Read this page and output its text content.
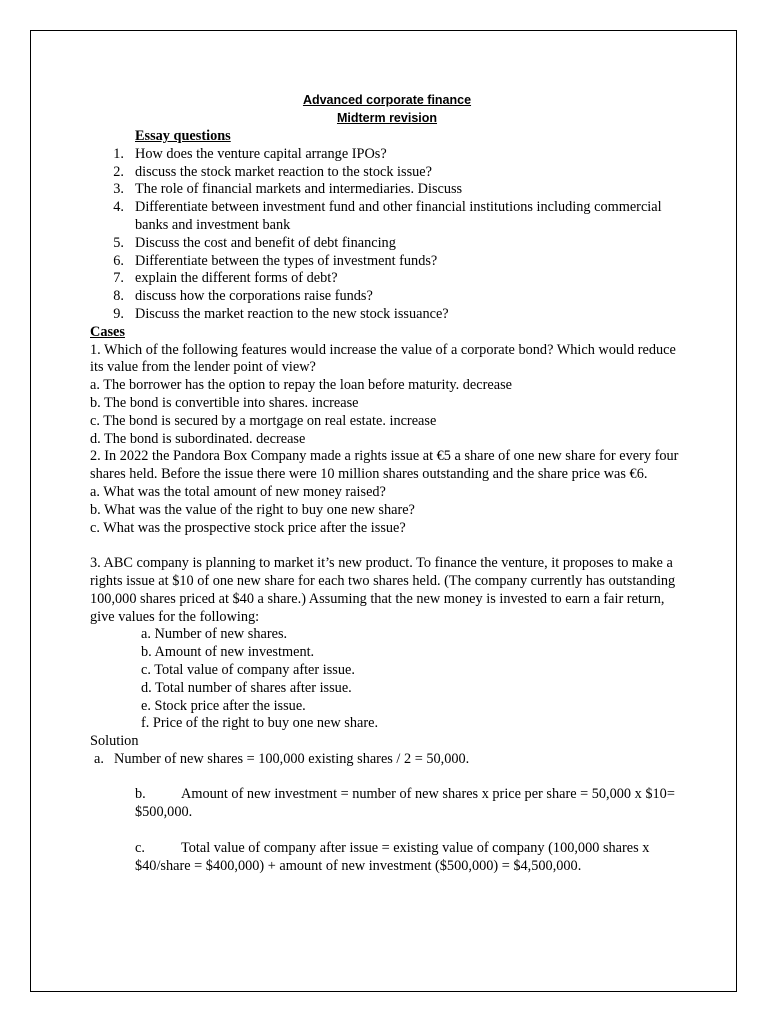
Advanced corporate finance
Midterm revision
Essay questions
1. How does the venture capital arrange IPOs?
2. discuss the stock market reaction to the stock issue?
3. The role of financial markets and intermediaries. Discuss
4. Differentiate between investment fund and other financial institutions including commercial banks and investment bank
5. Discuss the cost and benefit of debt financing
6. Differentiate between the types of investment funds?
7. explain the different forms of debt?
8. discuss how the corporations raise funds?
9. Discuss the market reaction to the new stock issuance?
Cases
1. Which of the following features would increase the value of a corporate bond? Which would reduce its value from the lender point of view?
a. The borrower has the option to repay the loan before maturity. decrease
b. The bond is convertible into shares. increase
c. The bond is secured by a mortgage on real estate. increase
d. The bond is subordinated. decrease
2. In 2022 the Pandora Box Company made a rights issue at €5 a share of one new share for every four shares held. Before the issue there were 10 million shares outstanding and the share price was €6.
a. What was the total amount of new money raised?
b. What was the value of the right to buy one new share?
c. What was the prospective stock price after the issue?
3. ABC company is planning to market it’s new product. To finance the venture, it proposes to make a rights issue at $10 of one new share for each two shares held. (The company currently has outstanding 100,000 shares priced at $40 a share.) Assuming that the new money is invested to earn a fair return, give values for the following:
a. Number of new shares.
b. Amount of new investment.
c. Total value of company after issue.
d. Total number of shares after issue.
e. Stock price after the issue.
f. Price of the right to buy one new share.
Solution
a. Number of new shares = 100,000 existing shares / 2 = 50,000.
b. Amount of new investment = number of new shares x price per share = 50,000 x $10= $500,000.
c.	Total value of company after issue = existing value of company (100,000 shares x $40/share = $400,000) + amount of new investment ($500,000) = $4,500,000.
